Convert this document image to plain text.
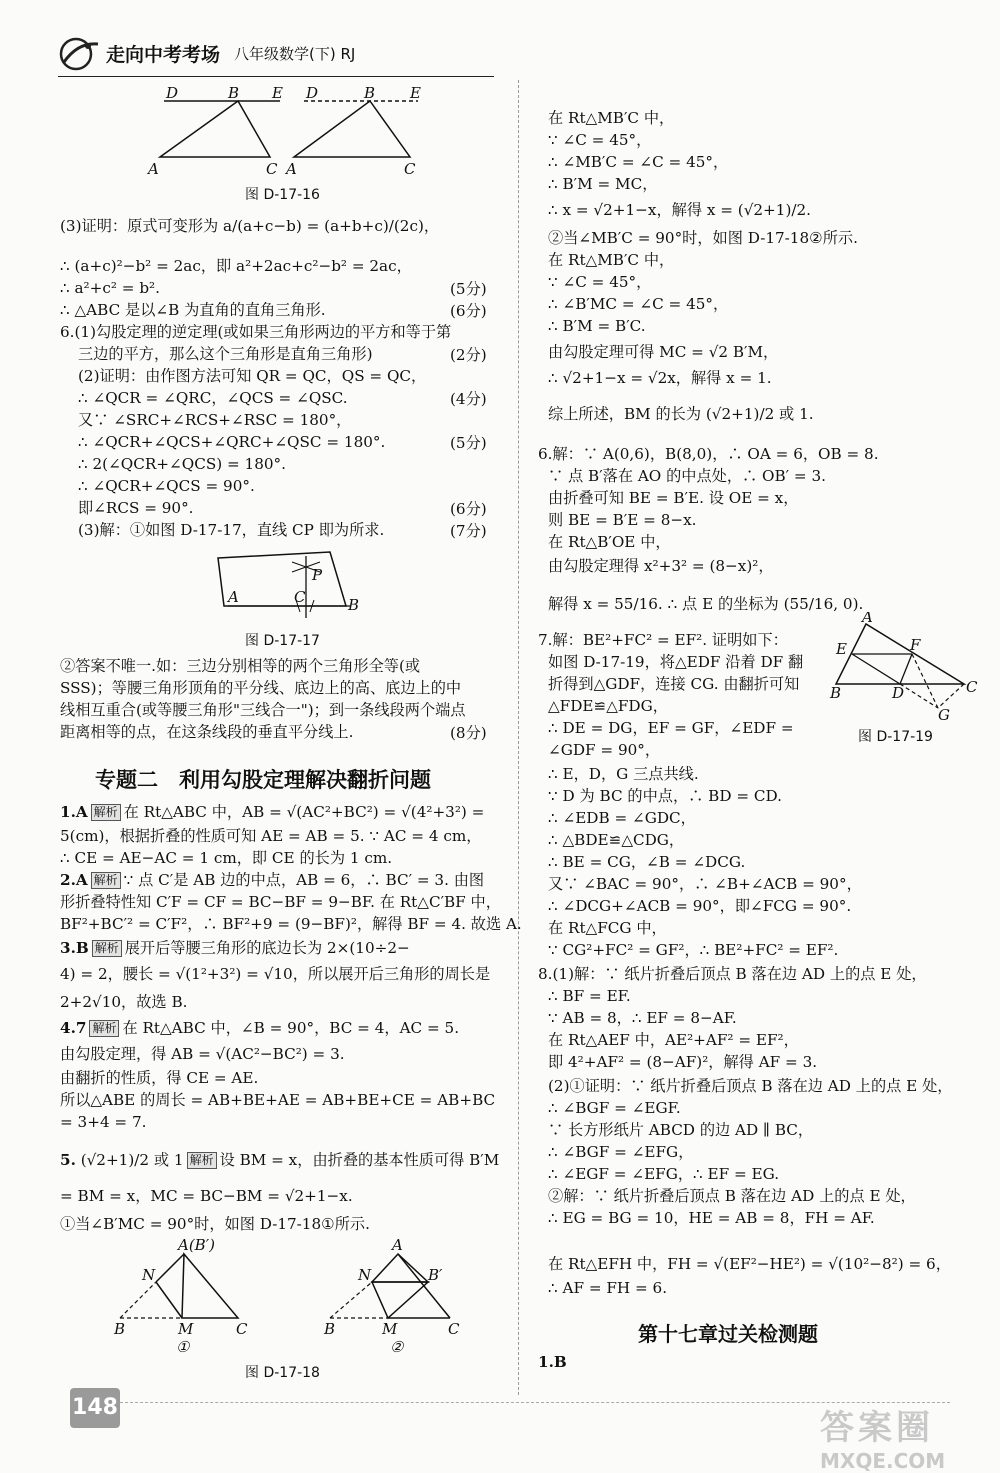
走向中考考场 八年级数学(下) RJ
D	B E
A	C
D	B E
A	C
图 D-17-16
(3)证明：原式可变形为 a/(a+c−b) = (a+b+c)/(2c)，
∴ (a+c)²−b² = 2ac，即 a²+2ac+c²−b² = 2ac，
∴ a²+c² = b².	(5分)
∴ △ABC 是以∠B 为直角的直角三角形.	(6分)
6.(1)勾股定理的逆定理(或如果三角形两边的平方和等于第
三边的平方，那么这个三角形是直角三角形)	(2分)
(2)证明：由作图方法可知 QR = QC，QS = QC，
∴ ∠QCR = ∠QRC，∠QCS = ∠QSC.	(4分)
又∵ ∠SRC+∠RCS+∠RSC = 180°，
∴ ∠QCR+∠QCS+∠QRC+∠QSC = 180°.	(5分)
∴ 2(∠QCR+∠QCS) = 180°.
∴ ∠QCR+∠QCS = 90°.
即∠RCS = 90°.	(6分)
(3)解：①如图 D-17-17，直线 CP 即为所求.	(7分)
P
A	C	B
图 D-17-17
②答案不唯一.如：三边分别相等的两个三角形全等(或
SSS)；等腰三角形顶角的平分线、底边上的高、底边上的中
线相互重合(或等腰三角形"三线合一")；到一条线段两个端点
距离相等的点，在这条线段的垂直平分线上.	(8分)
专题二　利用勾股定理解决翻折问题
1.A 解析 在 Rt△ABC 中，AB = √(AC²+BC²) = √(4²+3²) =
5(cm)，根据折叠的性质可知 AE = AB = 5. ∵ AC = 4 cm，
∴ CE = AE−AC = 1 cm，即 CE 的长为 1 cm.
2.A 解析 ∵ 点 C′是 AB 边的中点，AB = 6，∴ BC′ = 3. 由图
形折叠特性知 C′F = CF = BC−BF = 9−BF. 在 Rt△C′BF 中，
BF²+BC′² = C′F²，∴ BF²+9 = (9−BF)²，解得 BF = 4. 故选 A.
3.B 解析 展开后等腰三角形的底边长为 2×(10÷2−
4) = 2，腰长 = √(1²+3²) = √10，所以展开后三角形的周长是
2+2√10，故选 B.
4.7 解析 在 Rt△ABC 中，∠B = 90°，BC = 4，AC = 5.
由勾股定理，得 AB = √(AC²−BC²) = 3.
由翻折的性质，得 CE = AE.
所以△ABE 的周长 = AB+BE+AE = AB+BE+CE = AB+BC
= 3+4 = 7.
5. (√2+1)/2 或 1 解析 设 BM = x，由折叠的基本性质可得 B′M
= BM = x，MC = BC−BM = √2+1−x.
①当∠B′MC = 90°时，如图 D-17-18①所示.
A(B′)
N
B	M	C
①
A
N	B′
B	M	C
②
图 D-17-18
在 Rt△MB′C 中，
∵ ∠C = 45°，
∴ ∠MB′C = ∠C = 45°，
∴ B′M = MC，
∴ x = √2+1−x，解得 x = (√2+1)/2.
②当∠MB′C = 90°时，如图 D-17-18②所示.
在 Rt△MB′C 中，
∵ ∠C = 45°，
∴ ∠B′MC = ∠C = 45°，
∴ B′M = B′C.
由勾股定理可得 MC = √2 B′M，
∴ √2+1−x = √2x，解得 x = 1.
综上所述，BM 的长为 (√2+1)/2 或 1.
6.解：∵ A(0,6)，B(8,0)，∴ OA = 6，OB = 8.
∵ 点 B′落在 AO 的中点处，∴ OB′ = 3.
由折叠可知 BE = B′E. 设 OE = x，
则 BE = B′E = 8−x.
在 Rt△B′OE 中，
由勾股定理得 x²+3² = (8−x)²，
解得 x = 55/16. ∴ 点 E 的坐标为 (55/16, 0).
7.解：BE²+FC² = EF². 证明如下：
如图 D-17-19，将△EDF 沿着 DF 翻
折得到△GDF，连接 CG. 由翻折可知
△FDE≌△FDG，
∴ DE = DG，EF = GF，∠EDF =
∠GDF = 90°，
∴ E，D，G 三点共线.
∵ D 为 BC 的中点，∴ BD = CD.
∴ ∠EDB = ∠GDC，
∴ △BDE≌△CDG，
∴ BE = CG，∠B = ∠DCG.
又∵ ∠BAC = 90°，∴ ∠B+∠ACB = 90°，
∴ ∠DCG+∠ACB = 90°，即∠FCG = 90°.
在 Rt△FCG 中，
∵ CG²+FC² = GF²，∴ BE²+FC² = EF².
8.(1)解：∵ 纸片折叠后顶点 B 落在边 AD 上的点 E 处，
∴ BF = EF.
∵ AB = 8，∴ EF = 8−AF.
在 Rt△AEF 中，AE²+AF² = EF²，
即 4²+AF² = (8−AF)²，解得 AF = 3.
(2)①证明：∵ 纸片折叠后顶点 B 落在边 AD 上的点 E 处，
∴ ∠BGF = ∠EGF.
∵ 长方形纸片 ABCD 的边 AD ∥ BC，
∴ ∠BGF = ∠EFG，
∴ ∠EGF = ∠EFG，∴ EF = EG.
②解：∵ 纸片折叠后顶点 B 落在边 AD 上的点 E 处，
∴ EG = BG = 10，HE = AB = 8，FH = AF.
在 Rt△EFH 中，FH = √(EF²−HE²) = √(10²−8²) = 6，
∴ AF = FH = 6.
第十七章过关检测题
1.B
A
E	F
B	D	C
G
图 D-17-19
148
答案圈
MXQE.COM
